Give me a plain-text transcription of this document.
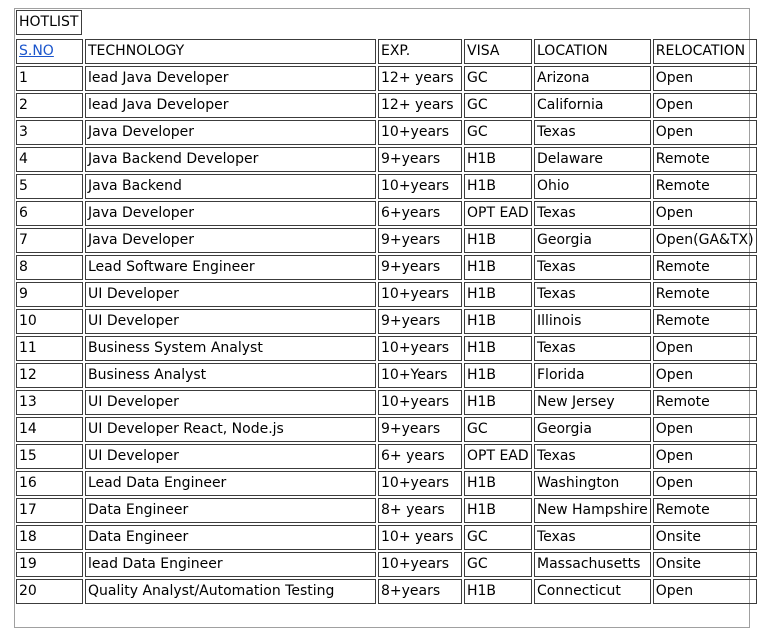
HOTLIST
S.NO	TECHNOLOGY	EXP.	VISA	LOCATION	RELOCATION
1	lead Java Developer	12+ years	GC	Arizona	Open
2	lead Java Developer	12+ years	GC	California	Open
3	Java Developer	10+years	GC	Texas	Open
4	Java Backend Developer	9+years	H1B	Delaware	Remote
5	Java Backend	10+years	H1B	Ohio	Remote
6	Java Developer	6+years	OPT EAD	Texas	Open
7	Java Developer	9+years	H1B	Georgia	Open(GA&TX)
8	Lead Software Engineer	9+years	H1B	Texas	Remote
9	UI Developer	10+years	H1B	Texas	Remote
10	UI Developer	9+years	H1B	Illinois	Remote
11	Business System Analyst	10+years	H1B	Texas	Open
12	Business Analyst	10+Years	H1B	Florida	Open
13	UI Developer	10+years	H1B	New Jersey	Remote
14	UI Developer React, Node.js	9+years	GC	Georgia	Open
15	UI Developer	6+ years	OPT EAD	Texas	Open
16	Lead Data Engineer	10+years	H1B	Washington	Open
17	Data Engineer	8+ years	H1B	New Hampshire	Remote
18	Data Engineer	10+ years	GC	Texas	Onsite
19	lead Data Engineer	10+years	GC	Massachusetts	Onsite
20	Quality Analyst/Automation Testing	8+years	H1B	Connecticut	Open
